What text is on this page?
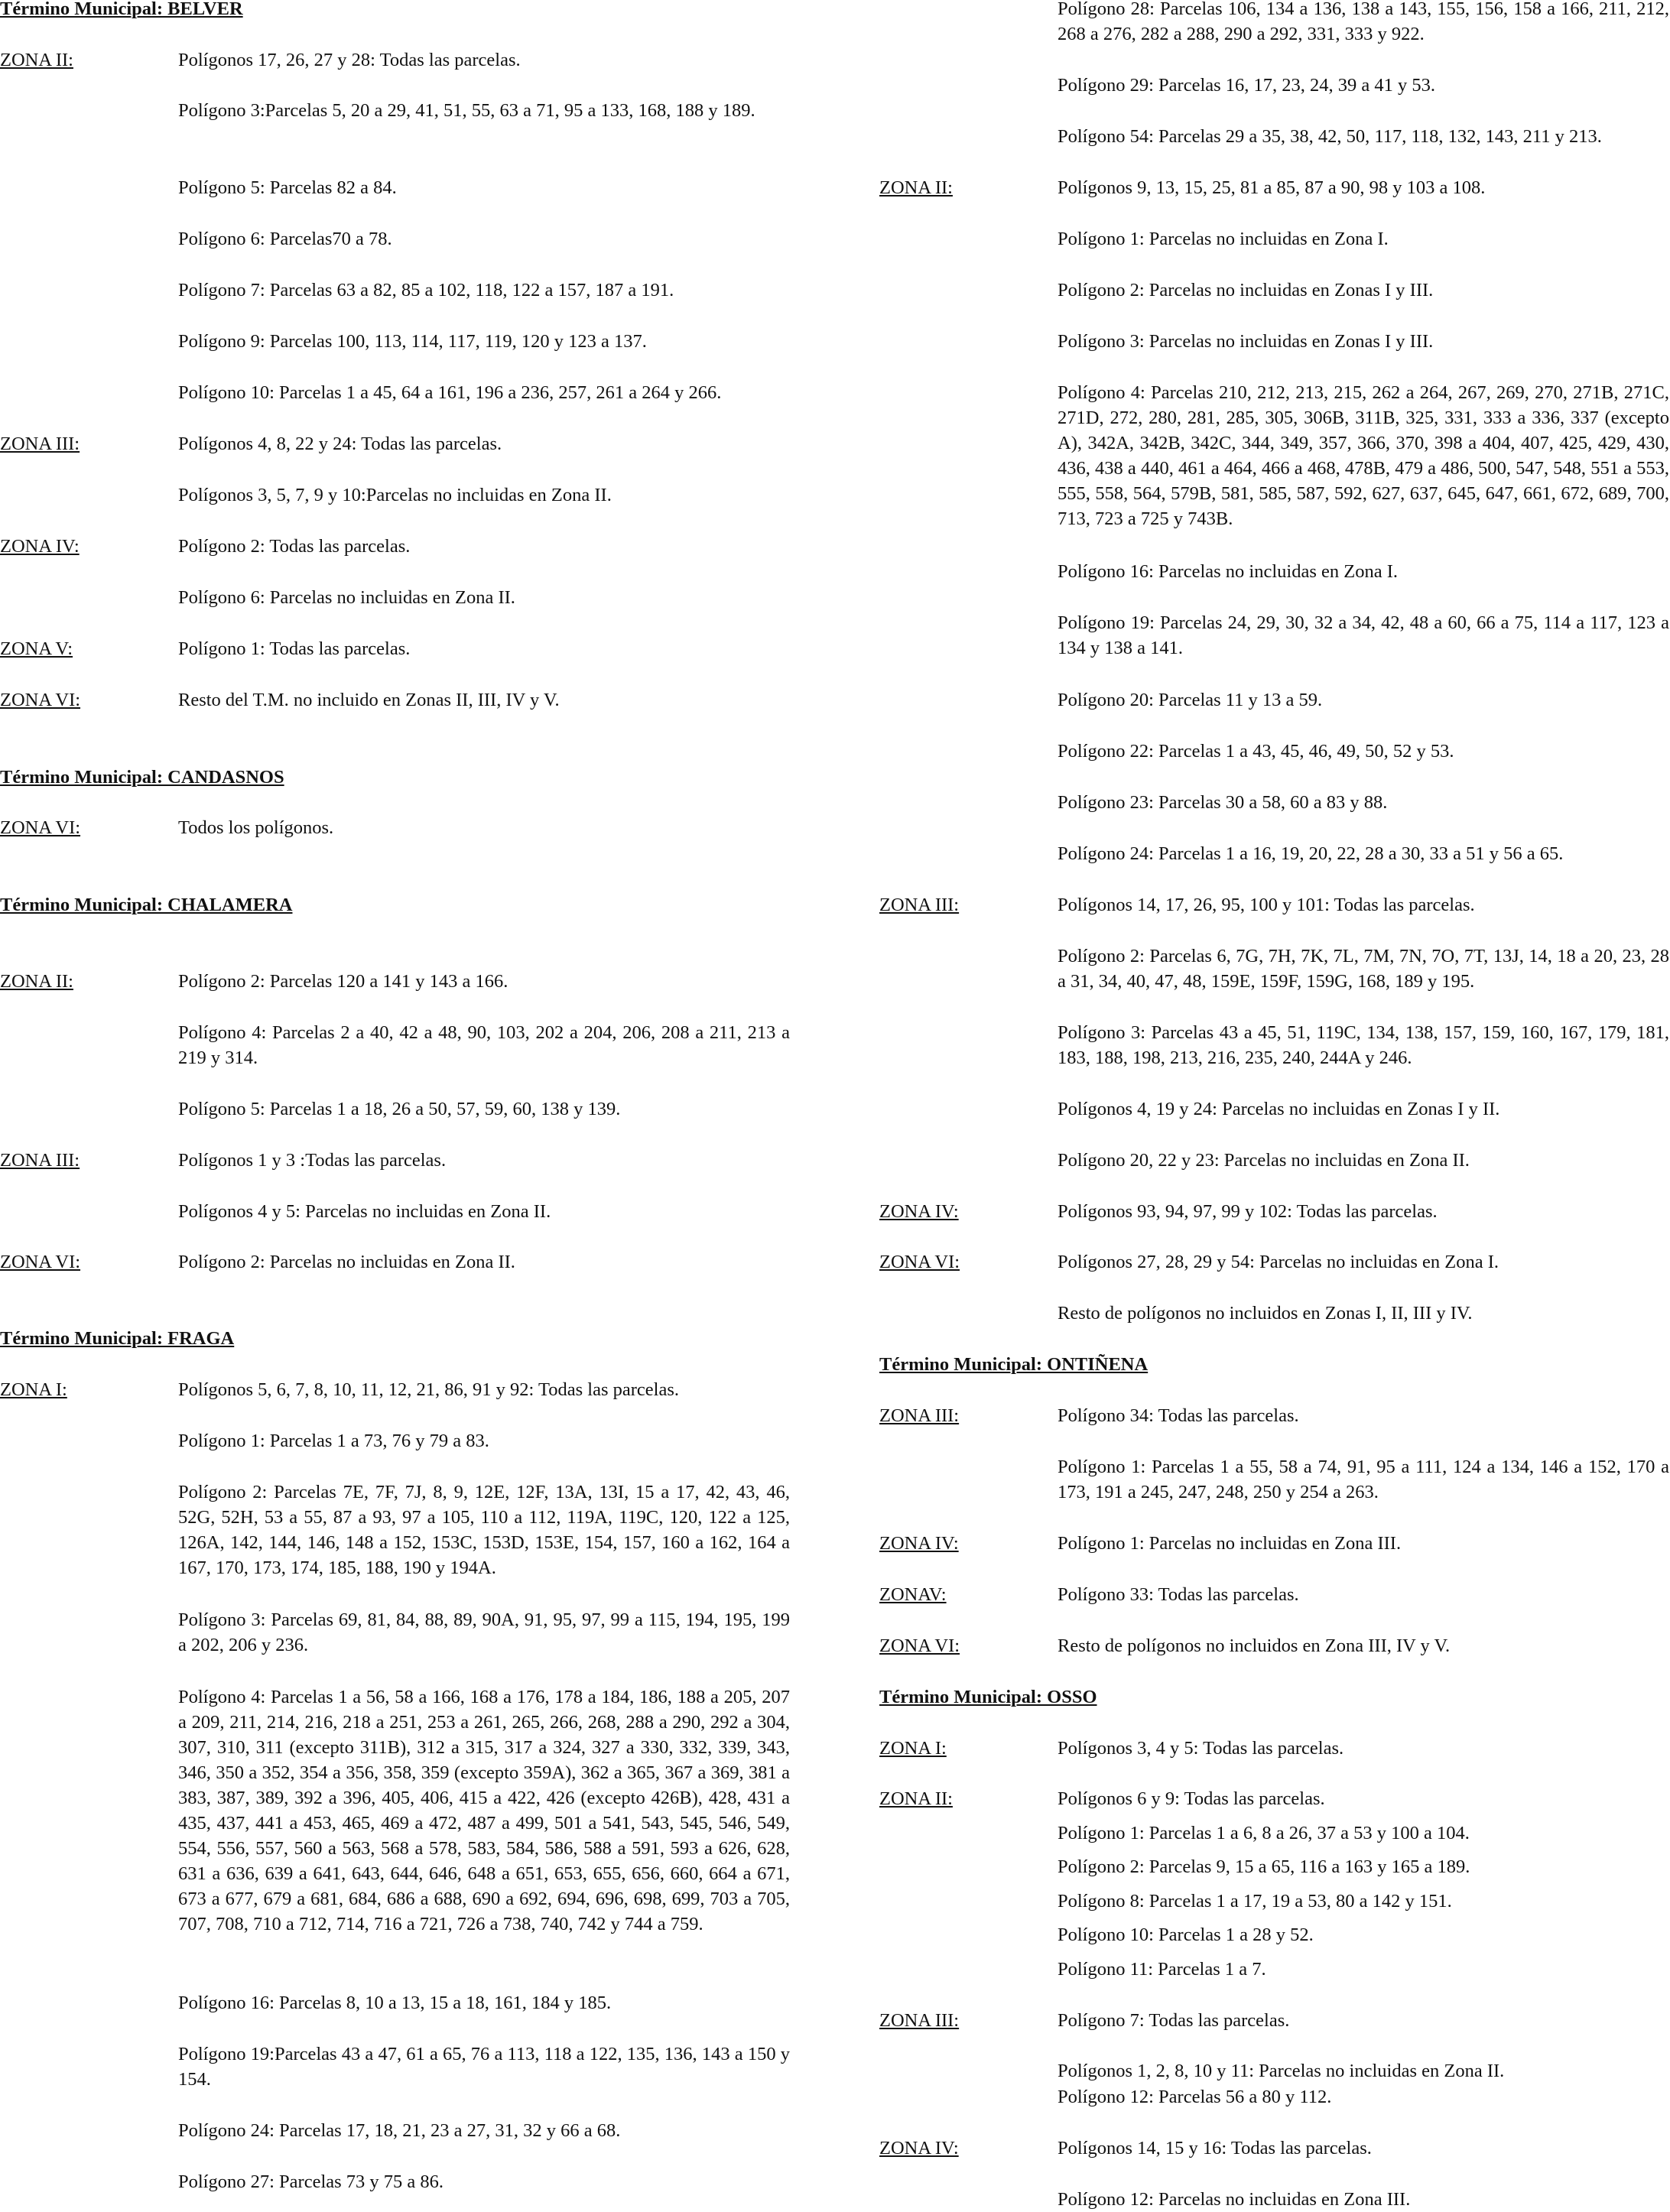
Término Municipal: BELVER
ZONA II:	Polígonos 17, 26, 27 y 28: Todas las parcelas.
Polígono 3:Parcelas 5, 20 a 29, 41, 51, 55, 63 a 71, 95 a 133, 168, 188 y 189.
Polígono 5: Parcelas 82 a 84.
Polígono 6: Parcelas70 a 78.
Polígono 7: Parcelas 63 a 82, 85 a 102, 118, 122 a 157, 187 a 191.
Polígono 9: Parcelas 100, 113, 114, 117, 119, 120 y 123 a 137.
Polígono 10: Parcelas 1 a 45, 64 a 161, 196 a 236, 257, 261 a 264 y 266.
ZONA III:	Polígonos 4, 8, 22 y 24: Todas las parcelas.
Polígonos 3, 5, 7, 9 y 10:Parcelas no incluidas en Zona II.
ZONA IV:	Polígono 2: Todas las parcelas.
Polígono 6: Parcelas no incluidas en Zona II.
ZONA V:	Polígono 1: Todas las parcelas.
ZONA VI:	Resto del T.M. no incluido en Zonas II, III, IV y V.
Término Municipal: CANDASNOS
ZONA VI:	Todos los polígonos.
Término Municipal: CHALAMERA
ZONA II:	Polígono 2: Parcelas 120 a 141 y 143 a 166.
Polígono 4: Parcelas 2 a 40, 42 a 48, 90, 103, 202 a 204, 206, 208 a 211, 213 a 219 y 314.
Polígono 5: Parcelas 1 a 18, 26 a 50, 57, 59, 60, 138 y 139.
ZONA III:	Polígonos 1 y 3 :Todas las parcelas.
Polígonos 4 y 5: Parcelas no incluidas en Zona II.
ZONA VI:	Polígono 2: Parcelas no incluidas en Zona II.
Término Municipal: FRAGA
ZONA I:	Polígonos 5, 6, 7, 8, 10, 11, 12, 21, 86, 91 y 92: Todas las parcelas.
Polígono 1: Parcelas 1 a 73, 76 y 79 a 83.
Polígono 2: Parcelas 7E, 7F, 7J, 8, 9, 12E, 12F, 13A, 13I, 15 a 17, 42, 43, 46, 52G, 52H, 53 a 55, 87 a 93, 97 a 105, 110 a 112, 119A, 119C, 120, 122 a 125, 126A, 142, 144, 146, 148 a 152, 153C, 153D, 153E, 154, 157, 160 a 162, 164 a 167, 170, 173, 174, 185, 188, 190 y 194A.
Polígono 3: Parcelas 69, 81, 84, 88, 89, 90A, 91, 95, 97, 99 a 115, 194, 195, 199 a 202, 206 y 236.
Polígono 4: Parcelas 1 a 56, 58 a 166, 168 a 176, 178 a 184, 186, 188 a 205, 207 a 209, 211, 214, 216, 218 a 251, 253 a 261, 265, 266, 268, 288 a 290, 292 a 304, 307, 310, 311 (excepto 311B), 312 a 315, 317 a 324, 327 a 330, 332, 339, 343, 346, 350 a 352, 354 a 356, 358, 359 (excepto 359A), 362 a 365, 367 a 369, 381 a 383, 387, 389, 392 a 396, 405, 406, 415 a 422, 426 (excepto 426B), 428, 431 a 435, 437, 441 a 453, 465, 469 a 472, 487 a 499, 501 a 541, 543, 545, 546, 549, 554, 556, 557, 560 a 563, 568 a 578, 583, 584, 586, 588 a 591, 593 a 626, 628, 631 a 636, 639 a 641, 643, 644, 646, 648 a 651, 653, 655, 656, 660, 664 a 671, 673 a 677, 679 a 681, 684, 686 a 688, 690 a 692, 694, 696, 698, 699, 703 a 705, 707, 708, 710 a 712, 714, 716 a 721, 726 a 738, 740, 742 y 744 a 759.
Polígono 16: Parcelas 8, 10 a 13, 15 a 18, 161, 184 y 185.
Polígono 19:Parcelas 43 a 47, 61 a 65, 76 a 113, 118 a 122, 135, 136, 143 a 150 y 154.
Polígono 24: Parcelas 17, 18, 21, 23 a 27, 31, 32 y 66 a 68.
Polígono 27: Parcelas 73 y 75 a 86.
Polígono 28: Parcelas 106, 134 a 136, 138 a 143, 155, 156, 158 a 166, 211, 212, 268 a 276, 282 a 288, 290 a 292, 331, 333 y 922.
Polígono 29: Parcelas 16, 17, 23, 24, 39 a 41 y 53.
Polígono 54: Parcelas 29 a 35, 38, 42, 50, 117, 118, 132, 143, 211 y 213.
ZONA II:	Polígonos 9, 13, 15, 25, 81 a 85, 87 a 90, 98 y 103 a 108.
Polígono 1: Parcelas no incluidas en Zona I.
Polígono 2: Parcelas no incluidas en Zonas I y III.
Polígono 3: Parcelas no incluidas en Zonas I y III.
Polígono 4: Parcelas 210, 212, 213, 215, 262 a 264, 267, 269, 270, 271B, 271C, 271D, 272, 280, 281, 285, 305, 306B, 311B, 325, 331, 333 a 336, 337 (excepto A), 342A, 342B, 342C, 344, 349, 357, 366, 370, 398 a 404, 407, 425, 429, 430, 436, 438 a 440, 461 a 464, 466 a 468, 478B, 479 a 486, 500, 547, 548, 551 a 553, 555, 558, 564, 579B, 581, 585, 587, 592, 627, 637, 645, 647, 661, 672, 689, 700, 713, 723 a 725 y 743B.
Polígono 16: Parcelas no incluidas en Zona I.
Polígono 19: Parcelas 24, 29, 30, 32 a 34, 42, 48 a 60, 66 a 75, 114 a 117, 123 a 134 y 138 a 141.
Polígono 20: Parcelas 11 y 13 a 59.
Polígono 22: Parcelas 1 a 43, 45, 46, 49, 50, 52 y 53.
Polígono 23: Parcelas 30 a 58, 60 a 83 y 88.
Polígono 24: Parcelas 1 a 16, 19, 20, 22, 28 a 30, 33 a 51 y 56 a 65.
ZONA III:	Polígonos 14, 17, 26, 95, 100 y 101: Todas las parcelas.
Polígono 2: Parcelas 6, 7G, 7H, 7K, 7L, 7M, 7N, 7O, 7T, 13J, 14, 18 a 20, 23, 28 a 31, 34, 40, 47, 48, 159E, 159F, 159G, 168, 189 y 195.
Polígono 3: Parcelas 43 a 45, 51, 119C, 134, 138, 157, 159, 160, 167, 179, 181, 183, 188, 198, 213, 216, 235, 240, 244A y 246.
Polígonos 4, 19 y 24: Parcelas no incluidas en Zonas I y II.
Polígono 20, 22 y 23: Parcelas no incluidas en Zona II.
ZONA IV:	Polígonos 93, 94, 97, 99 y 102: Todas las parcelas.
ZONA VI:	Polígonos 27, 28, 29 y 54: Parcelas no incluidas en Zona I.
Resto de polígonos no incluidos en Zonas I, II, III y IV.
Término Municipal: ONTIÑENA
ZONA III:	Polígono 34: Todas las parcelas.
Polígono 1: Parcelas 1 a 55, 58 a 74, 91, 95 a 111, 124 a 134, 146 a 152, 170 a 173, 191 a 245, 247, 248, 250 y 254 a 263.
ZONA IV:	Polígono 1: Parcelas no incluidas en Zona III.
ZONAV:	Polígono 33: Todas las parcelas.
ZONA VI:	Resto de polígonos no incluidos en Zona III, IV y V.
Término Municipal: OSSO
ZONA I:	Polígonos 3, 4 y 5: Todas las parcelas.
ZONA II:	Polígonos 6 y 9: Todas las parcelas.
Polígono 1: Parcelas 1 a 6, 8 a 26, 37 a 53 y 100 a 104.
Polígono 2: Parcelas 9, 15 a 65, 116 a 163 y 165 a 189.
Polígono 8: Parcelas 1 a 17, 19 a 53, 80 a 142 y 151.
Polígono 10: Parcelas 1 a 28 y 52.
Polígono 11: Parcelas 1 a 7.
ZONA III:	Polígono 7: Todas las parcelas.
Polígonos 1, 2, 8, 10 y 11: Parcelas no incluidas en Zona II.
Polígono 12: Parcelas 56 a 80 y 112.
ZONA IV:	Polígonos 14, 15 y 16: Todas las parcelas.
Polígono 12: Parcelas no incluidas en Zona III.
